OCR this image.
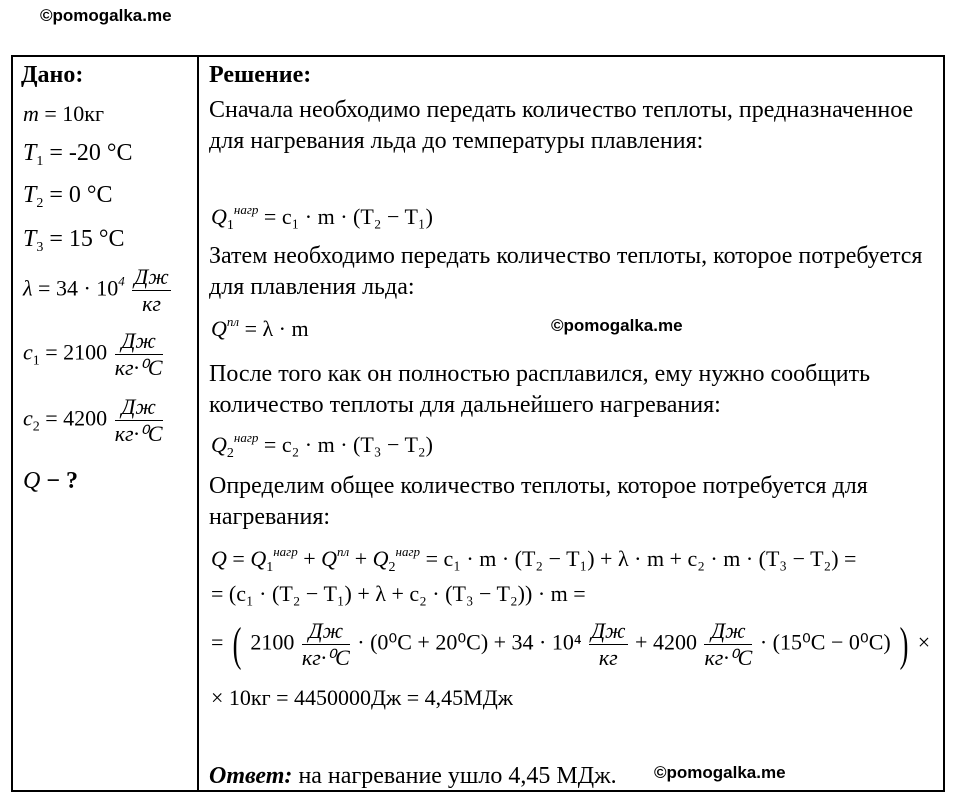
©pomogalka.me
Дано:
m = 10кг
$T_1 = -20$ °C
$T_2 = 0$ °C
$T_3 = 15$ °C
$\lambda = 34 \cdot 10^4 \frac{Дж}{кг}$
$c_1 = 2100 \frac{Дж}{\text{кг·⁰C}}$
$c_2 = 4200 \frac{Дж}{\text{кг·⁰C}}$
Q − ?
Решение:
Сначала необходимо передать количество теплоты, предназначенное для нагревания льда до температуры плавления:
$Q_1^{нагр} = c_1 \cdot m \cdot (T_2 - T_1)$
Затем необходимо передать количество теплоты, которое потребуется для плавления льда:
$Q^{пл} = \lambda \cdot m$	©pomogalka.me
После того как он полностью расплавился, ему нужно сообщить количество теплоты для дальнейшего нагревания:
$Q_2^{нагр} = c_2 \cdot m \cdot (T_3 - T_2)$
Определим общее количество теплоты, которое потребуется для нагревания:
$Q = Q_1^{нагр} + Q^{пл} + Q_2^{нагр} = c_1 \cdot m \cdot (T_2 - T_1) + \lambda \cdot m + c_2 \cdot m \cdot (T_3 - T_2)$ =
= (c₁ · (T₂ − T₁) + λ + c₂ · (T₃ − T₂)) · m =
= ( $2100 \frac{Дж}{\text{кг·⁰C}} \cdot (0^0C + 20^0C) + 34 \cdot 10^4 \frac{Дж}{кг} + 4200 \frac{Дж}{\text{кг·⁰C}} \cdot (15^0C - 0^0C)$ ) ×
× 10кг = 4450000Дж = 4,45МДж
Ответ: на нагревание ушло 4,45 МДж. ©pomogalka.me
